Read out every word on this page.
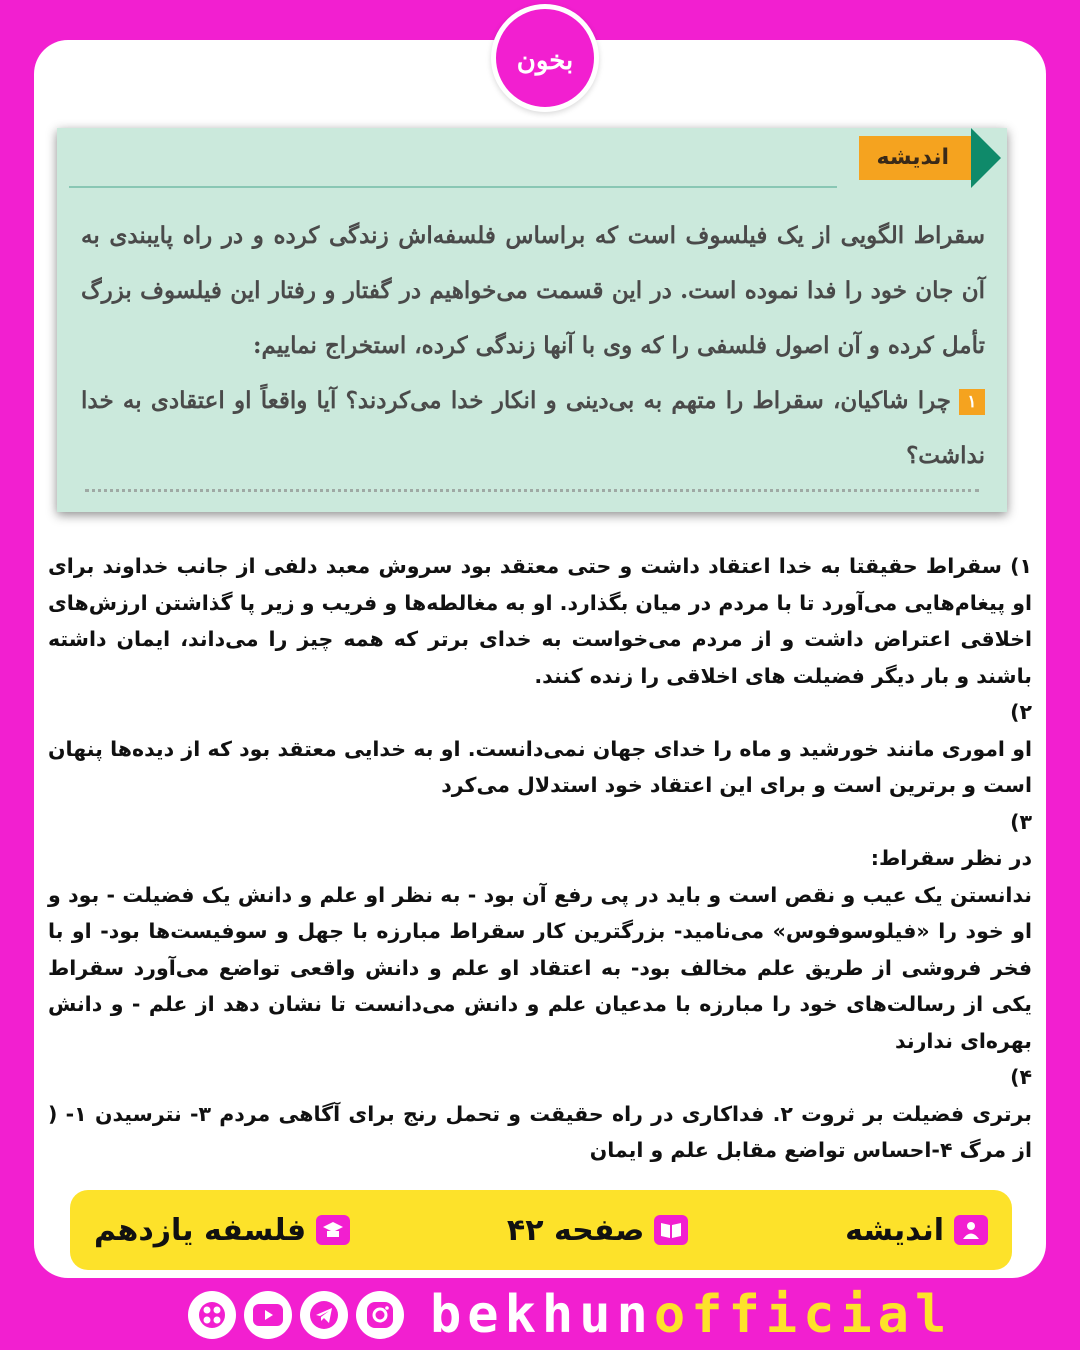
بخون
اندیشه
سقراط الگویی از یک فیلسوف است که براساس فلسفه‌اش زندگی کرده و در راه پایبندی به آن جان خود را فدا نموده است. در این قسمت می‌خواهیم در گفتار و رفتار این فیلسوف بزرگ تأمل کرده و آن اصول فلسفی را که وی با آنها زندگی کرده، استخراج نماییم:
۱چرا شاکیان، سقراط را متهم به بی‌دینی و انکار خدا می‌کردند؟ آیا واقعاً او اعتقادی به خدا نداشت؟

۱) سقراط حقیقتا به خدا اعتقاد داشت و حتی معتقد بود سروش معبد دلفی از جانب خداوند برای او پیغام‌هایی می‌آورد تا با مردم در میان بگذارد. او به مغالطه‌ها و فریب و زیر پا گذاشتن ارزش‌های اخلاقی اعتراض داشت و از مردم می‌خواست به خدای برتر که همه چیز را می‌داند، ایمان داشته باشند و بار دیگر فضیلت های اخلاقی را زنده کنند.

۲)

او اموری مانند خورشید و ماه را خدای جهان نمی‌دانست. او به خدایی معتقد بود که از دیده‌ها پنهان است و برترین است و برای این اعتقاد خود استدلال می‌کرد

۳)

در نظر سقراط:

ندانستن یک عیب و نقص است و باید در پی رفع آن بود - به نظر او علم و دانش یک فضیلت - بود و او خود را «فیلوسوفوس» می‌نامید- بزرگترین کار سقراط مبارزه با جهل و سوفیست‌ها بود- او با فخر فروشی از طریق علم مخالف بود- به اعتقاد او علم و دانش واقعی تواضع می‌آورد سقراط یکی از رسالت‌های خود را مبارزه با مدعیان علم و دانش می‌دانست تا نشان دهد از علم - و دانش بهره‌ای ندارند

۴)

برتری فضیلت بر ثروت ۲. فداکاری در راه حقیقت و تحمل رنج برای آگاهی مردم ۳- نترسیدن ۱- ( از مرگ ۴-احساس تواضع مقابل علم و ایمان

اندیشه
صفحه ۴۲
فلسفه یازدهم
bekhunofficial
